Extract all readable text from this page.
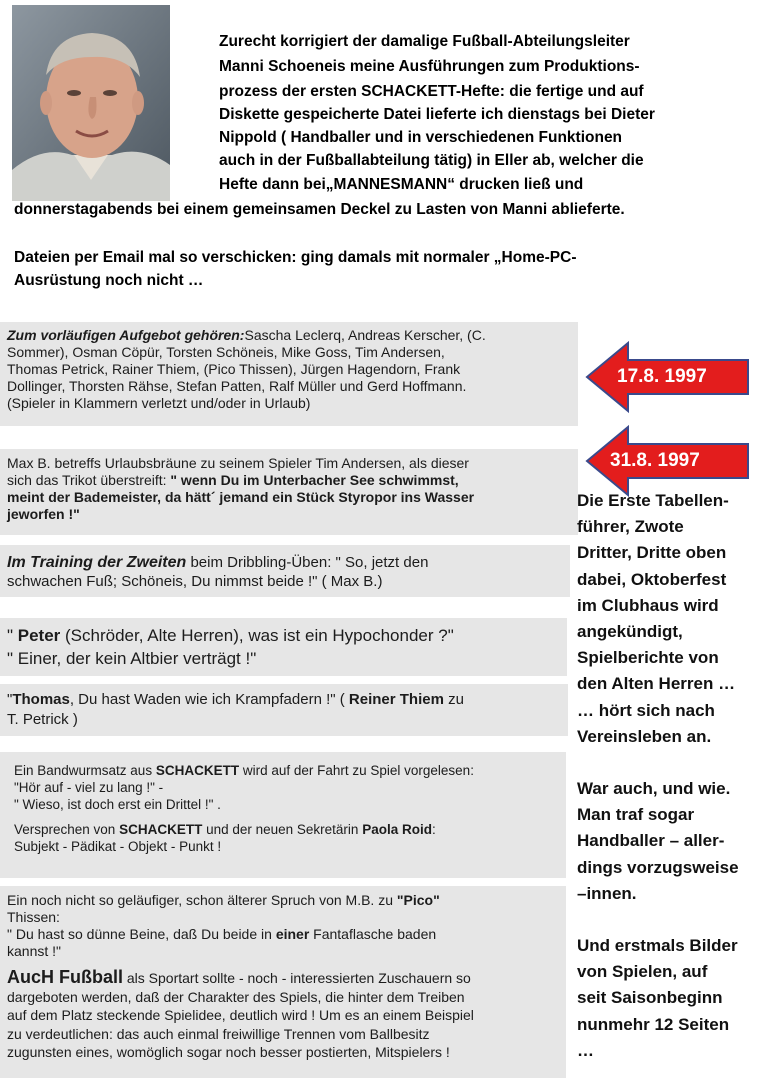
Zurecht korrigiert der damalige Fußball-Abteilungsleiter
Manni Schoeneis meine Ausführungen zum Produktions-
prozess der ersten SCHACKETT-Hefte: die fertige und auf
Diskette gespeicherte Datei lieferte ich dienstags bei Dieter
Nippold ( Handballer und in verschiedenen Funktionen
auch in der Fußballabteilung tätig) in Eller ab, welcher die
Hefte dann bei„MANNESMANN“ drucken ließ und
donnerstagabends bei einem gemeinsamen Deckel zu Lasten von Manni ablieferte.
Dateien per Email mal so verschicken: ging damals mit normaler „Home-PC-
Ausrüstung noch nicht …

Zum vorläufigen Aufgebot gehören:Sascha Leclerq, Andreas Kerscher, (C.

Sommer), Osman Cöpür, Torsten Schöneis, Mike Goss, Tim Andersen,

Thomas Petrick, Rainer Thiem, (Pico Thissen), Jürgen Hagendorn, Frank

Dollinger, Thorsten Rähse, Stefan Patten, Ralf Müller und Gerd Hoffmann.

(Spieler in Klammern verletzt und/oder in Urlaub)

Max B. betreffs Urlaubsbräune zu seinem Spieler Tim Andersen, als dieser

sich das Trikot überstreift: " wenn Du im Unterbacher See schwimmst,

meint der Bademeister, da hätt´ jemand ein Stück Styropor ins Wasser

jeworfen !"

Im Training der Zweiten beim Dribbling-Üben: " So, jetzt den

schwachen Fuß; Schöneis, Du nimmst beide !" ( Max B.)

" Peter (Schröder, Alte Herren), was ist ein Hypochonder ?"

" Einer, der kein Altbier verträgt !"

"Thomas, Du hast Waden wie ich Krampfadern !" ( Reiner Thiem zu

T. Petrick )

Ein Bandwurmsatz aus SCHACKETT wird auf der Fahrt zu Spiel vorgelesen:

"Hör auf - viel zu lang !" -

" Wieso, ist doch erst ein Drittel !" .

Versprechen von SCHACKETT und der neuen Sekretärin Paola Roid:

Subjekt - Pädikat - Objekt - Punkt !

Ein noch nicht so geläufiger, schon älterer Spruch von M.B. zu "Pico"

Thissen:

" Du hast so dünne Beine, daß Du beide in einer Fantaflasche baden

kannst !"

AucH Fußball als Sportart sollte - noch - interessierten Zuschauern so

dargeboten werden, daß der Charakter des Spiels, die hinter dem Treiben

auf dem Platz steckende Spielidee, deutlich wird ! Um es an einem Beispiel

zu verdeutlichen: das auch einmal freiwillige Trennen vom Ballbesitz

zugunsten eines, womöglich sogar noch besser postierten, Mitspielers !

17.8. 1997
31.8. 1997

Die Erste Tabellen-

führer, Zwote

Dritter, Dritte oben

dabei, Oktoberfest

im Clubhaus wird

angekündigt,

Spielberichte von

den Alten Herren …

… hört sich nach

Vereinsleben an.

War auch, und wie.

Man traf sogar

Handballer – aller-

dings vorzugsweise

–innen.

Und erstmals Bilder

von Spielen, auf

seit Saisonbeginn

nunmehr 12 Seiten

…
